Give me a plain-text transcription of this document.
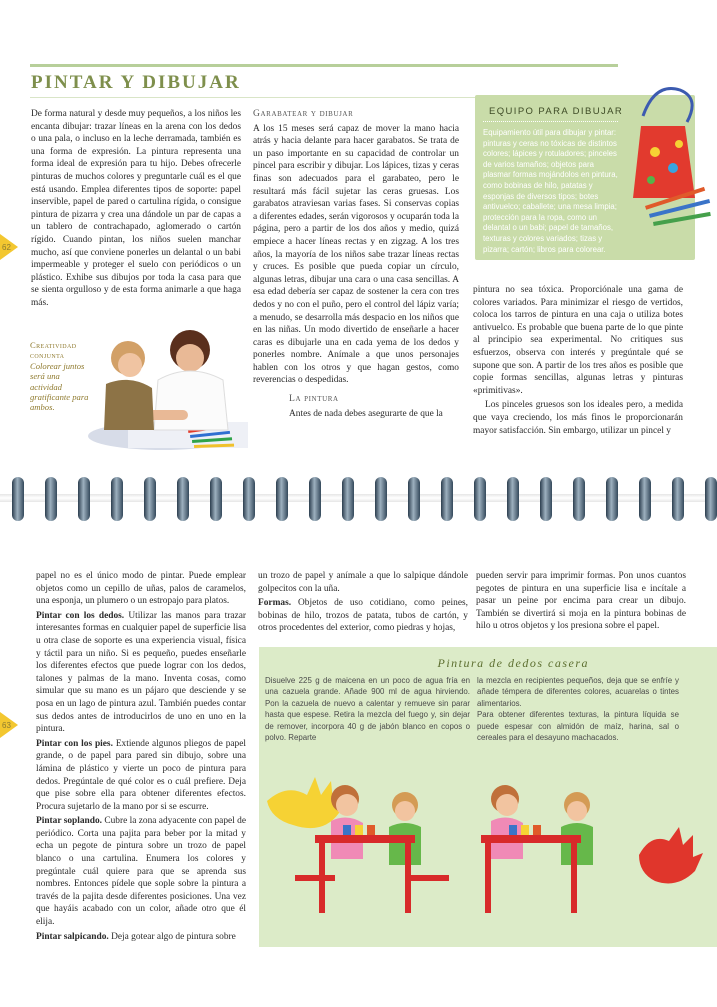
PINTAR Y DIBUJAR

De forma natural y desde muy pequeños, a los niños les encanta dibujar: trazar líneas en la arena con los dedos o una pala, o incluso en la leche derramada, también es una forma de expresión. La pintura representa una forma ideal de expresión para tu hijo. Debes ofrecerle pinturas de muchos colores y preguntarle cuál es el que está usando. Emplea diferentes tipos de soporte: papel inservible, papel de pared o cartulina rígida, o consigue pintura de pizarra y crea una dándole un par de capas a un tablero de contrachapado, aglomerado o cartón rígido. Cuando pintan, los niños suelen manchar mucho, así que conviene ponerles un delantal o un babi impermeable y proteger el suelo con periódicos o un plástico. Exhibe sus dibujos por toda la casa para que se sienta orgulloso y de esta forma animarle a que haga más.

62
Creatividad conjunta
Colorear juntos será una actividad gratificante para ambos.
Garabatear y dibujar

A los 15 meses será capaz de mover la mano hacia atrás y hacia delante para hacer garabatos. Se trata de un paso importante en su capacidad de controlar un pincel para escribir y dibujar. Los lápices, tizas y ceras finas son adecuados para el garabateo, pero le resultará más fácil sujetar las ceras gruesas. Los garabatos atraviesan varias fases. Si conservas copias a diferentes edades, serán vigorosos y ocuparán toda la página, pero a partir de los dos años y medio, quizá empiece a hacer líneas rectas y en zigzag. A los tres años, la mayoría de los niños sabe trazar líneas rectas y cruces. Es posible que pueda copiar un círculo, algunas letras, dibujar una cara o una casa sencillas. A esa edad debería ser capaz de sostener la cera con tres dedos y no con el puño, pero el control del lápiz varía; a menudo, se desarrolla más despacio en los niños que en las niñas. Un modo divertido de enseñarle a hacer caras es dibujarle una en cada yema de los dedos y ponerles nombre. Anímale a que unos personajes hablen con los otros y que hagan gestos, como reverencias o despedidas.

La pintura

Antes de nada debes asegurarte de que la

EQUIPO PARA DIBUJAR
Equipamiento útil para dibujar y pintar: pinturas y ceras no tóxicas de distintos colores; lápices y rotuladores; pinceles de varios tamaños; objetos para plasmar formas mojándolos en pintura, como bobinas de hilo, patatas y esponjas de diversos tipos; botes antivuelco; caballete; una mesa limpia; protección para la ropa, como un delantal o un babi; papel de tamaños, texturas y colores variados; tizas y pizarra; cartón; libros para colorear.

pintura no sea tóxica. Proporciónale una gama de colores variados. Para minimizar el riesgo de vertidos, coloca los tarros de pintura en una caja o utiliza botes antivuelco. Es probable que buena parte de lo que pinte al principio sea experimental. No critiques sus esfuerzos, observa con interés y pregúntale qué se supone que son. A partir de los tres años es posible que copie formas sencillas, algunas letras y pinturas «primitivas».

Los pinceles gruesos son los ideales pero, a medida que vaya creciendo, los más finos le proporcionarán mayor satisfacción. Sin embargo, utilizar un pincel y

papel no es el único modo de pintar. Puede emplear objetos como un cepillo de uñas, palos de caramelos, una esponja, un plumero o un estropajo para platos.

Pintar con los dedos. Utilizar las manos para trazar interesantes formas en cualquier papel de superficie lisa u otra clase de soporte es una experiencia visual, física y táctil para un niño. Si es pequeño, puedes enseñarle los diferentes efectos que puede lograr con los dedos, talones y palmas de la mano. Inventa cosas, como simular que su mano es un pájaro que desciende y se posa en un lago de pintura azul. También puedes contar sus dedos antes de introducirlos de uno en uno en la pintura.

Pintar con los pies. Extiende algunos pliegos de papel grande, o de papel para pared sin dibujo, sobre una lámina de plástico y vierte un poco de pintura para dedos. Pregúntale de qué color es o cuál prefiere. Deja que pise sobre ella para obtener diferentes efectos. Procura sujetarlo de la mano por si se escurre.

Pintar soplando. Cubre la zona adyacente con papel de periódico. Corta una pajita para beber por la mitad y echa un pegote de pintura sobre un trozo de papel blanco o una cartulina. Enumera los colores y pregúntale cuál quiere para que se aprenda sus nombres. Entonces pídele que sople sobre la pintura a través de la pajita desde diferentes posiciones. Una vez que hayáis acabado con un color, añade otro que él elija.

Pintar salpicando. Deja gotear algo de pintura sobre

63

un trozo de papel y anímale a que lo salpique dándole golpecitos con la uña.

Formas. Objetos de uso cotidiano, como peines, bobinas de hilo, trozos de patata, tubos de cartón, y otros procedentes del exterior, como piedras y hojas,

pueden servir para imprimir formas. Pon unos cuantos pegotes de pintura en una superficie lisa e incítale a pasar un peine por encima para crear un dibujo. También se divertirá si moja en la pintura bobinas de hilo u otros objetos y los presiona sobre el papel.

Pintura de dedos casera
Disuelve 225 g de maicena en un poco de agua fría en una cazuela grande. Añade 900 ml de agua hirviendo. Pon la cazuela de nuevo a calentar y remueve sin parar hasta que espese. Retira la mezcla del fuego y, sin dejar de remover, incorpora 40 g de jabón blanco en copos o polvo. Reparte
la mezcla en recipientes pequeños, deja que se enfríe y añade témpera de diferentes colores, acuarelas o tintes alimentarios.
Para obtener diferentes texturas, la pintura líquida se puede espesar con almidón de maíz, harina, sal o cereales para el desayuno machacados.
